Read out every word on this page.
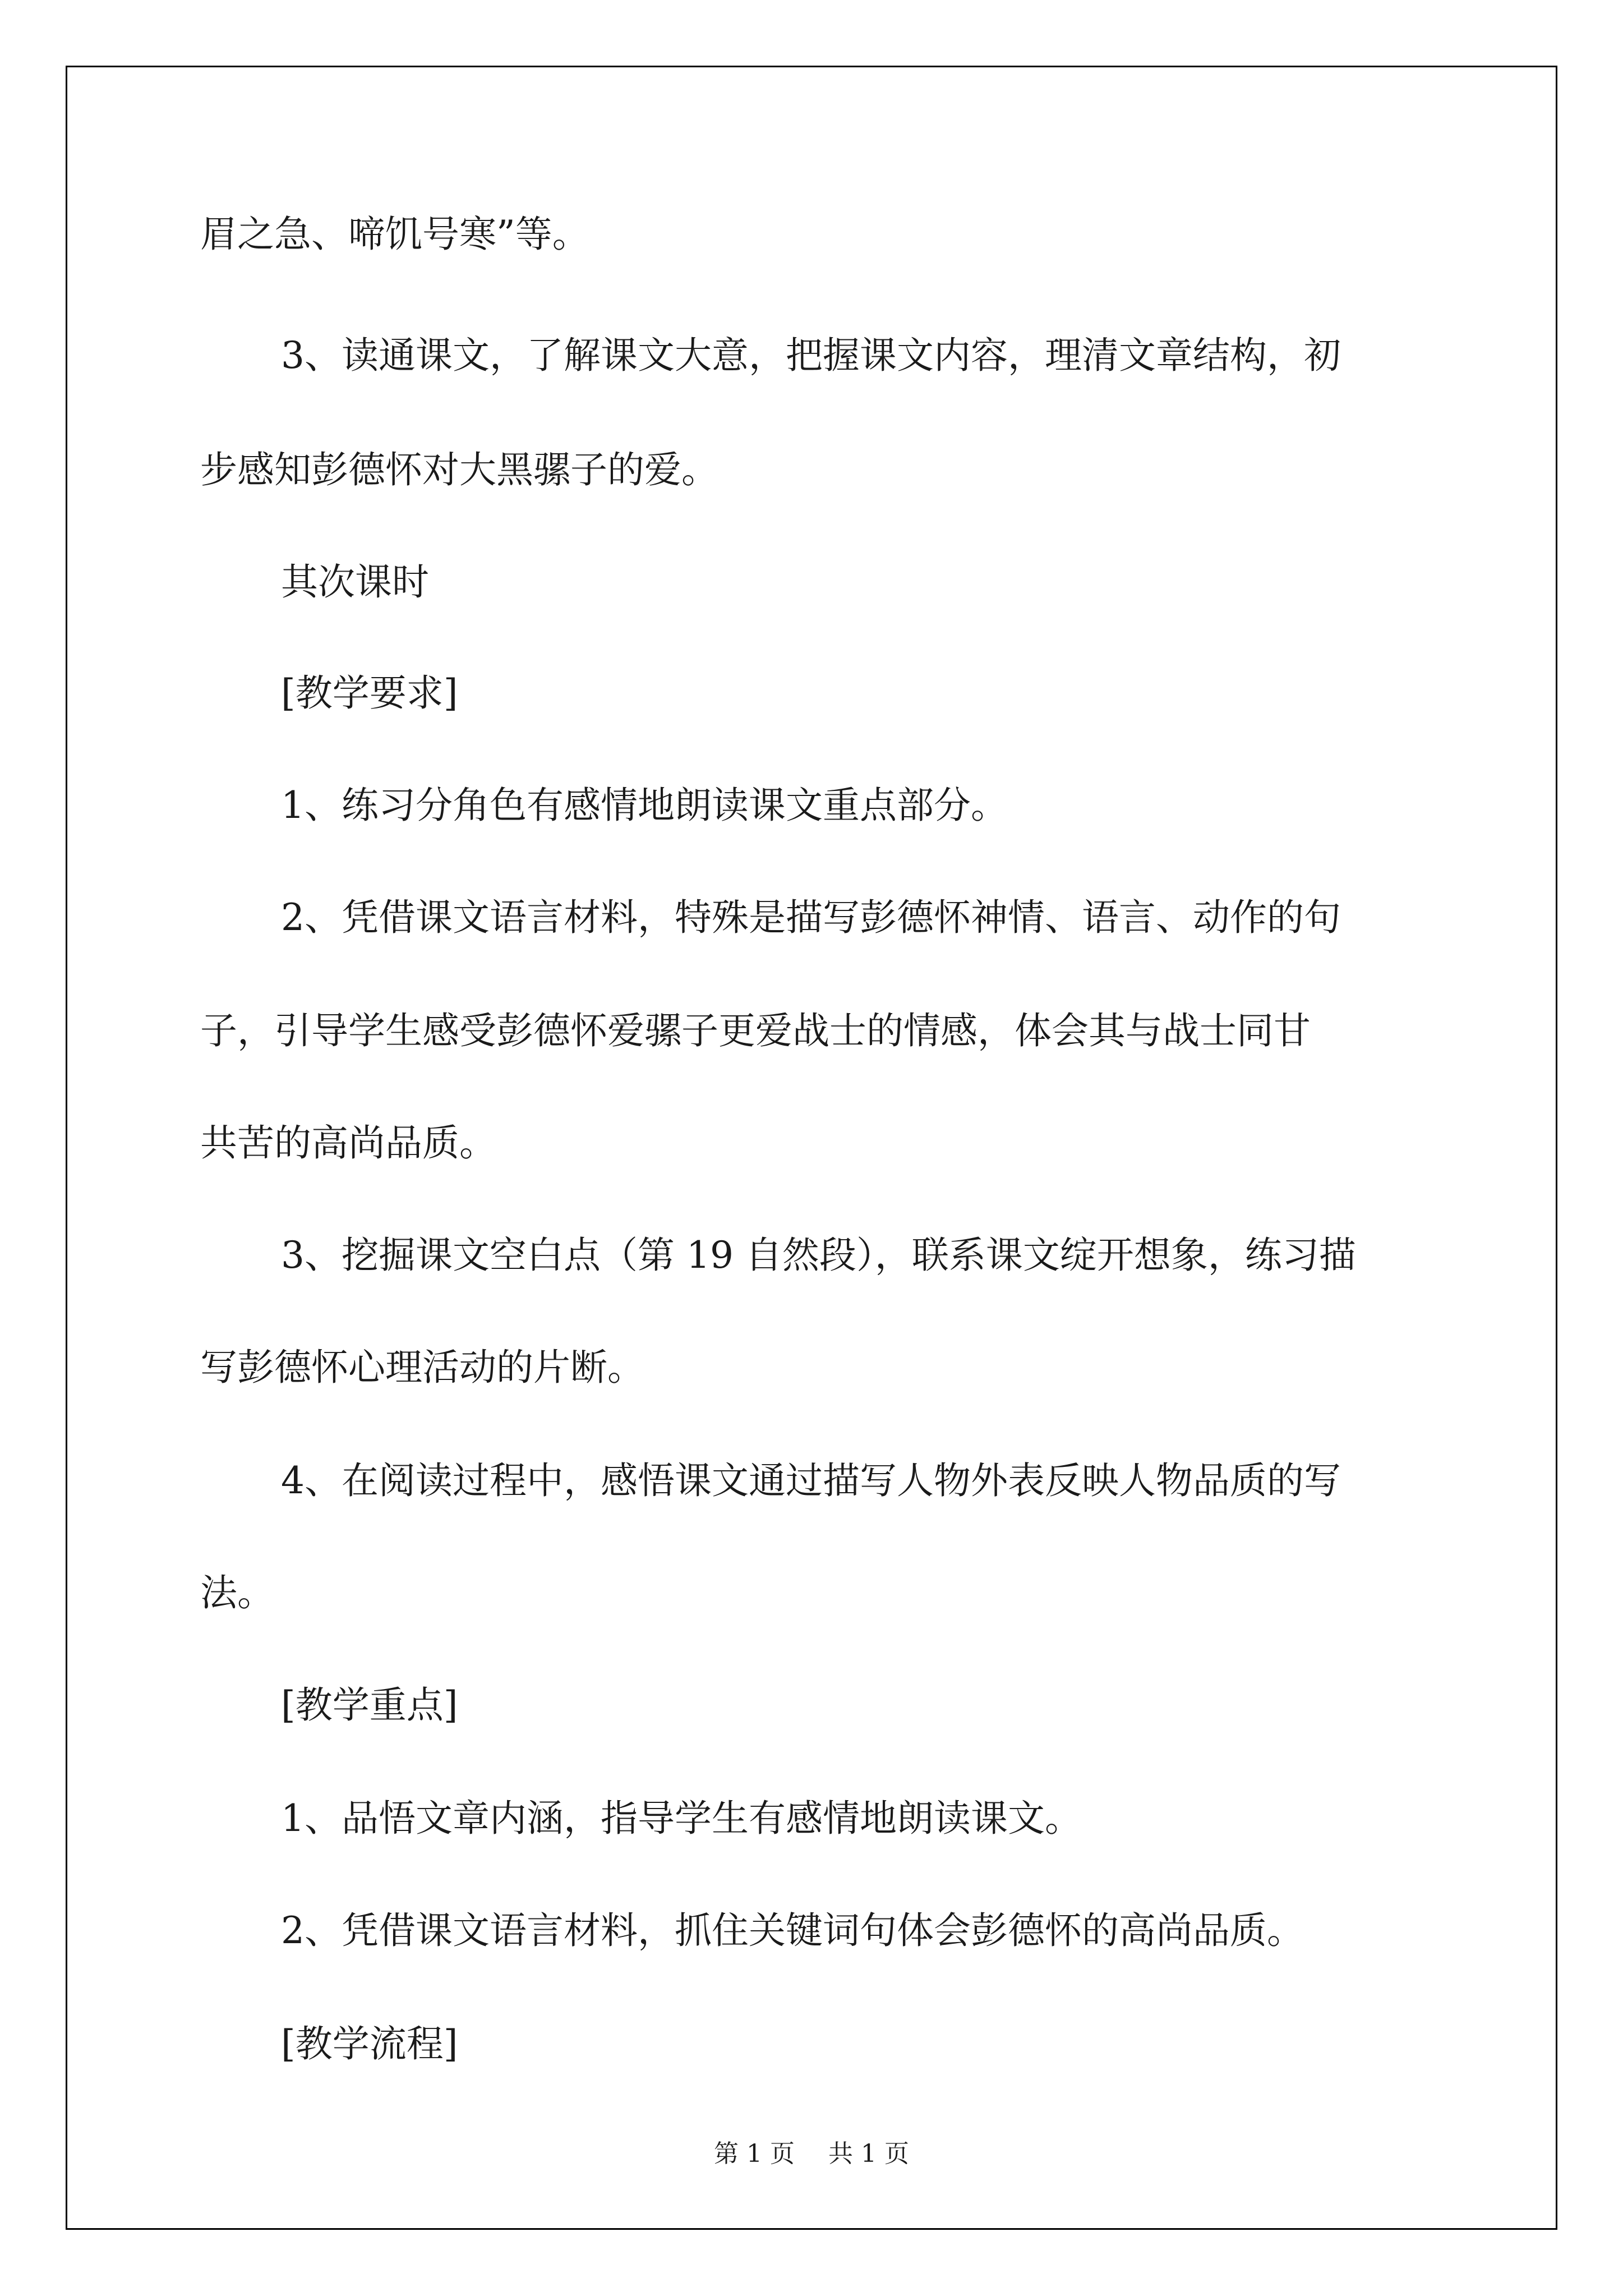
眉之急、啼饥号寒”等。
3、读通课文，了解课文大意，把握课文内容，理清文章结构，初
步感知彭德怀对大黑骡子的爱。
其次课时
[教学要求]
1、练习分角色有感情地朗读课文重点部分。
2、凭借课文语言材料，特殊是描写彭德怀神情、语言、动作的句
子，引导学生感受彭德怀爱骡子更爱战士的情感，体会其与战士同甘
共苦的高尚品质。
3、挖掘课文空白点（第 19 自然段），联系课文绽开想象，练习描
写彭德怀心理活动的片断。
4、在阅读过程中，感悟课文通过描写人物外表反映人物品质的写
法。
[教学重点]
1、品悟文章内涵，指导学生有感情地朗读课文。
2、凭借课文语言材料，抓住关键词句体会彭德怀的高尚品质。
[教学流程]
第 1 页 共 1 页
